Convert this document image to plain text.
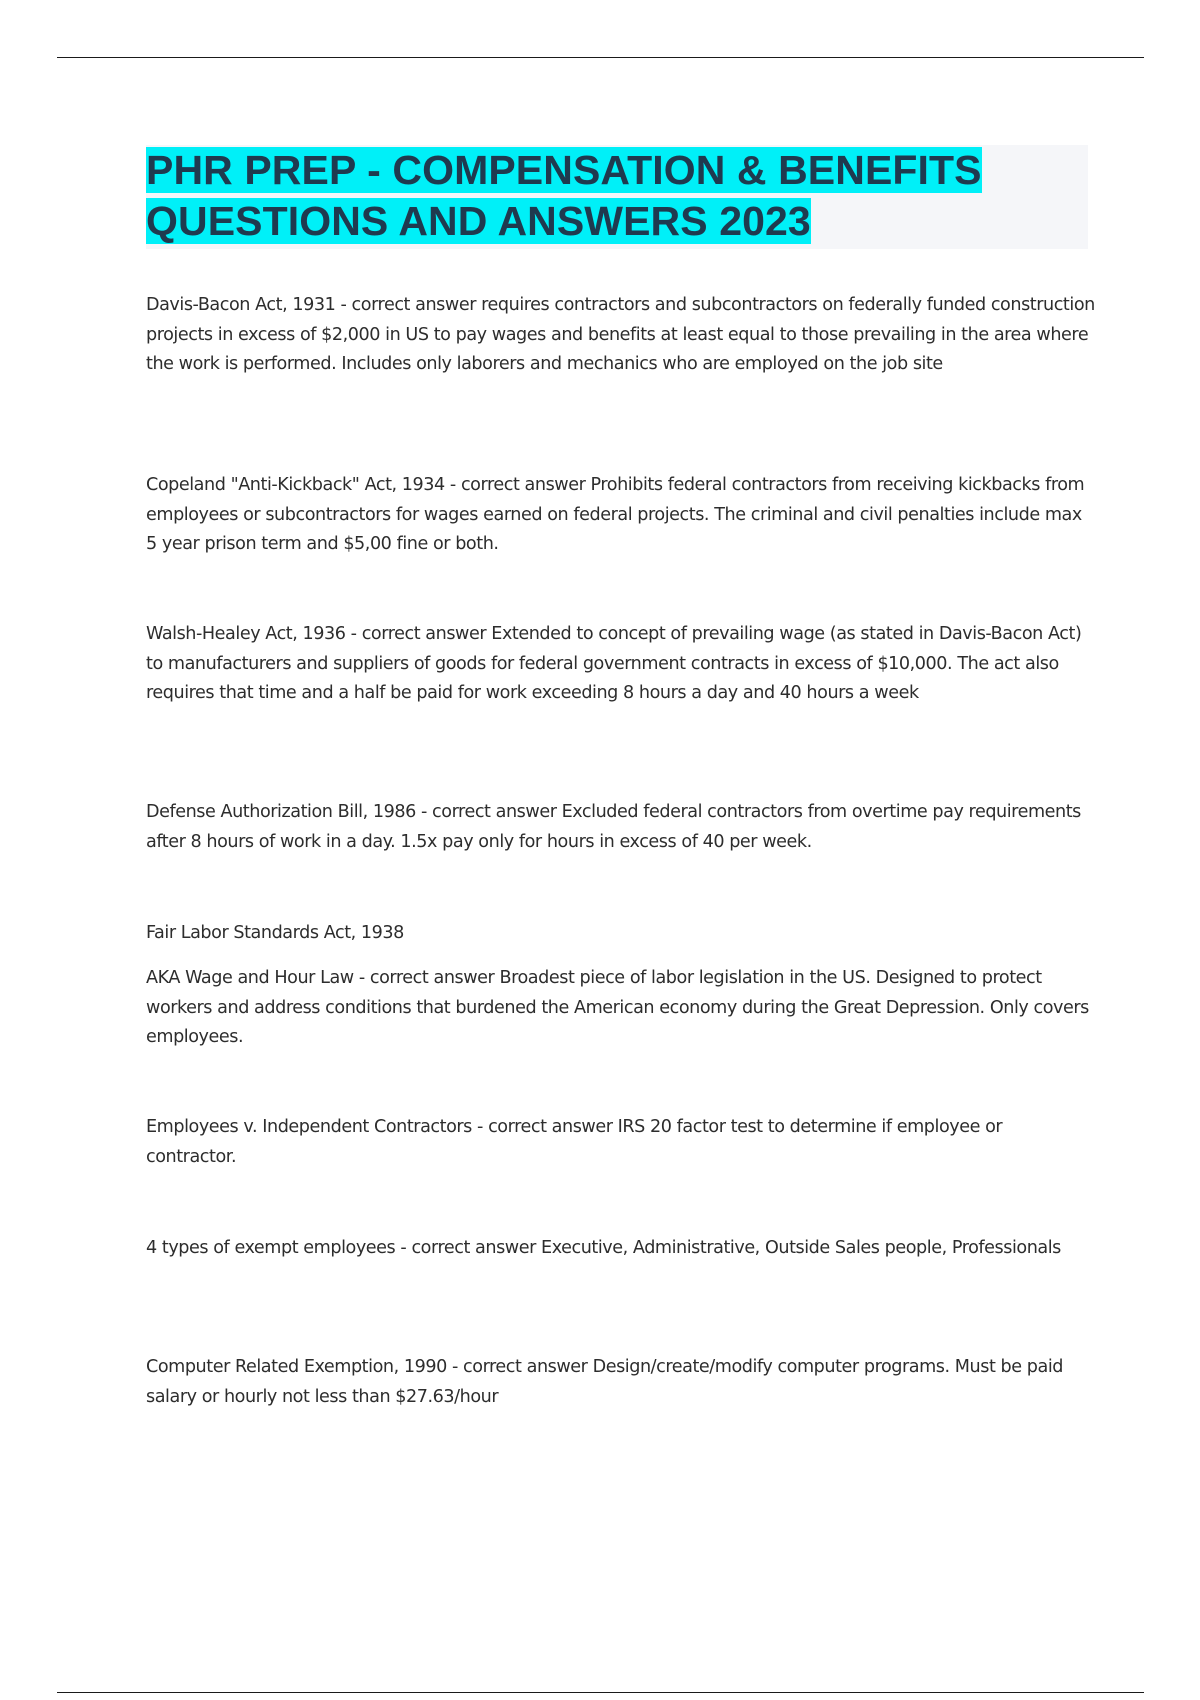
PHR PREP - COMPENSATION & BENEFITS
QUESTIONS AND ANSWERS 2023

Davis-Bacon Act, 1931 - correct answer requires contractors and subcontractors on federally funded construction projects in excess of $2,000 in US to pay wages and benefits at least equal to those prevailing in the area where the work is performed. Includes only laborers and mechanics who are employed on the job site

Copeland "Anti-Kickback" Act, 1934 - correct answer Prohibits federal contractors from receiving kickbacks from employees or subcontractors for wages earned on federal projects. The criminal and civil penalties include max 5 year prison term and $5,00 fine or both.

Walsh-Healey Act, 1936 - correct answer Extended to concept of prevailing wage (as stated in Davis-Bacon Act) to manufacturers and suppliers of goods for federal government contracts in excess of $10,000. The act also requires that time and a half be paid for work exceeding 8 hours a day and 40 hours a week

Defense Authorization Bill, 1986 - correct answer Excluded federal contractors from overtime pay requirements after 8 hours of work in a day. 1.5x pay only for hours in excess of 40 per week.

Fair Labor Standards Act, 1938

AKA Wage and Hour Law - correct answer Broadest piece of labor legislation in the US. Designed to protect workers and address conditions that burdened the American economy during the Great Depression. Only covers employees.

Employees v. Independent Contractors - correct answer IRS 20 factor test to determine if employee or contractor.

4 types of exempt employees - correct answer Executive, Administrative, Outside Sales people, Professionals

Computer Related Exemption, 1990 - correct answer Design/create/modify computer programs. Must be paid salary or hourly not less than $27.63/hour
